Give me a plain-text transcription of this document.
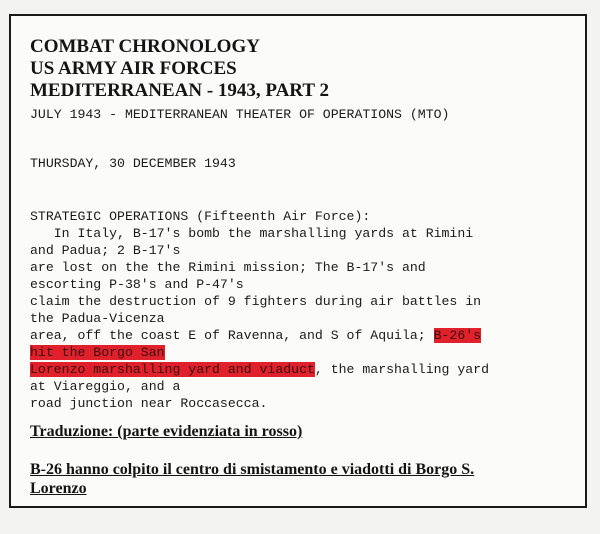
COMBAT CHRONOLOGY
US ARMY AIR FORCES
MEDITERRANEAN - 1943, PART 2
JULY 1943 - MEDITERRANEAN THEATER OF OPERATIONS (MTO)
THURSDAY, 30 DECEMBER 1943
STRATEGIC OPERATIONS (Fifteenth Air Force):
In Italy, B-17's bomb the marshalling yards at Rimini
and Padua; 2 B-17's
are lost on the the Rimini mission; The B-17's and
escorting P-38's and P-47's
claim the destruction of 9 fighters during air battles in
the Padua-Vicenza
area, off the coast E of Ravenna, and S of Aquila; B-26's
hit the Borgo San
Lorenzo marshalling yard and viaduct, the marshalling yard
at Viareggio, and a
road junction near Roccasecca.
Traduzione: (parte evidenziata in rosso)
B-26 hanno colpito il centro di smistamento e viadotti di Borgo S.
Lorenzo
